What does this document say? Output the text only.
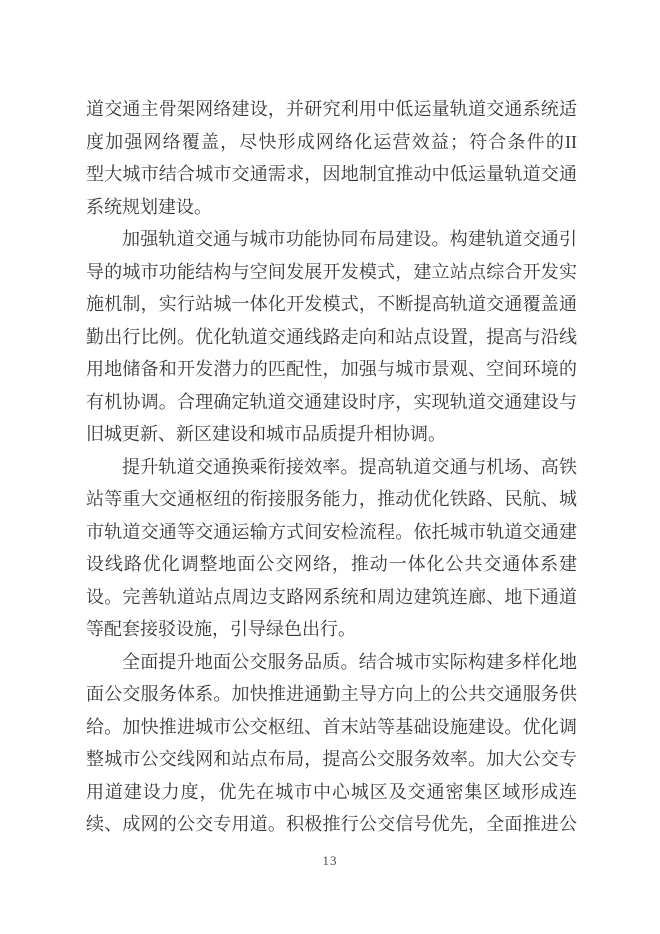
道交通主骨架网络建设，并研究利用中低运量轨道交通系统适
度加强网络覆盖，尽快形成网络化运营效益；符合条件的II
型大城市结合城市交通需求，因地制宜推动中低运量轨道交通
系统规划建设。
加强轨道交通与城市功能协同布局建设。构建轨道交通引
导的城市功能结构与空间发展开发模式，建立站点综合开发实
施机制，实行站城一体化开发模式，不断提高轨道交通覆盖通
勤出行比例。优化轨道交通线路走向和站点设置，提高与沿线
用地储备和开发潜力的匹配性，加强与城市景观、空间环境的
有机协调。合理确定轨道交通建设时序，实现轨道交通建设与
旧城更新、新区建设和城市品质提升相协调。
提升轨道交通换乘衔接效率。提高轨道交通与机场、高铁
站等重大交通枢纽的衔接服务能力，推动优化铁路、民航、城
市轨道交通等交通运输方式间安检流程。依托城市轨道交通建
设线路优化调整地面公交网络，推动一体化公共交通体系建
设。完善轨道站点周边支路网系统和周边建筑连廊、地下通道
等配套接驳设施，引导绿色出行。
全面提升地面公交服务品质。结合城市实际构建多样化地
面公交服务体系。加快推进通勤主导方向上的公共交通服务供
给。加快推进城市公交枢纽、首末站等基础设施建设。优化调
整城市公交线网和站点布局，提高公交服务效率。加大公交专
用道建设力度，优先在城市中心城区及交通密集区域形成连
续、成网的公交专用道。积极推行公交信号优先，全面推进公
13
